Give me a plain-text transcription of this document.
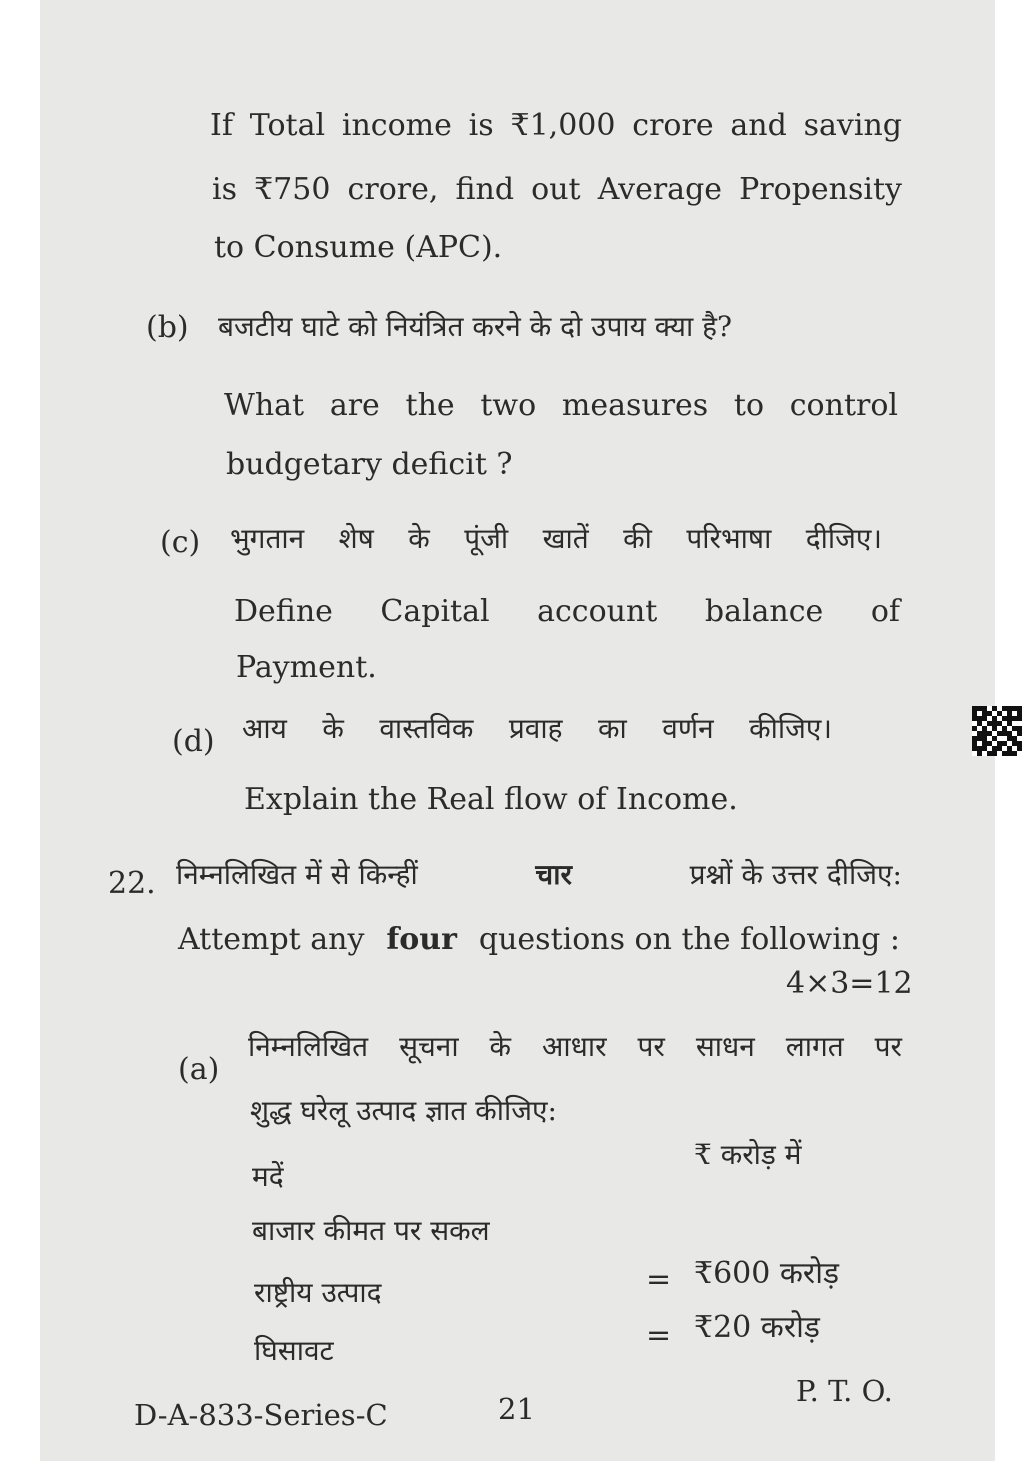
If Total income is ₹1,000 crore and saving
is ₹750 crore, find out Average Propensity
to Consume (APC).
(b) बजटीय घाटे को नियंत्रित करने के दो उपाय क्या है?
What are the two measures to control
budgetary deficit ?
(c) भुगतान शेष के पूंजी खातें की परिभाषा दीजिए।
Define Capital account balance of
Payment.
(d) आय के वास्तविक प्रवाह का वर्णन कीजिए।
Explain the Real flow of Income.
22. निम्नलिखित में से किन्हीं	चार	प्रश्नों के उत्तर दीजिए:
Attempt any four questions on the following :
4×3=12
(a)
निम्नलिखित सूचना के आधार पर साधन लागत पर
शुद्ध घरेलू उत्पाद ज्ञात कीजिए:
मदें
₹ करोड़ में
बाजार कीमत पर सकल
राष्ट्रीय उत्पाद	= ₹600 करोड़
घिसावट	= ₹20 करोड़
D-A-833-Series-C	21
P. T. O.
